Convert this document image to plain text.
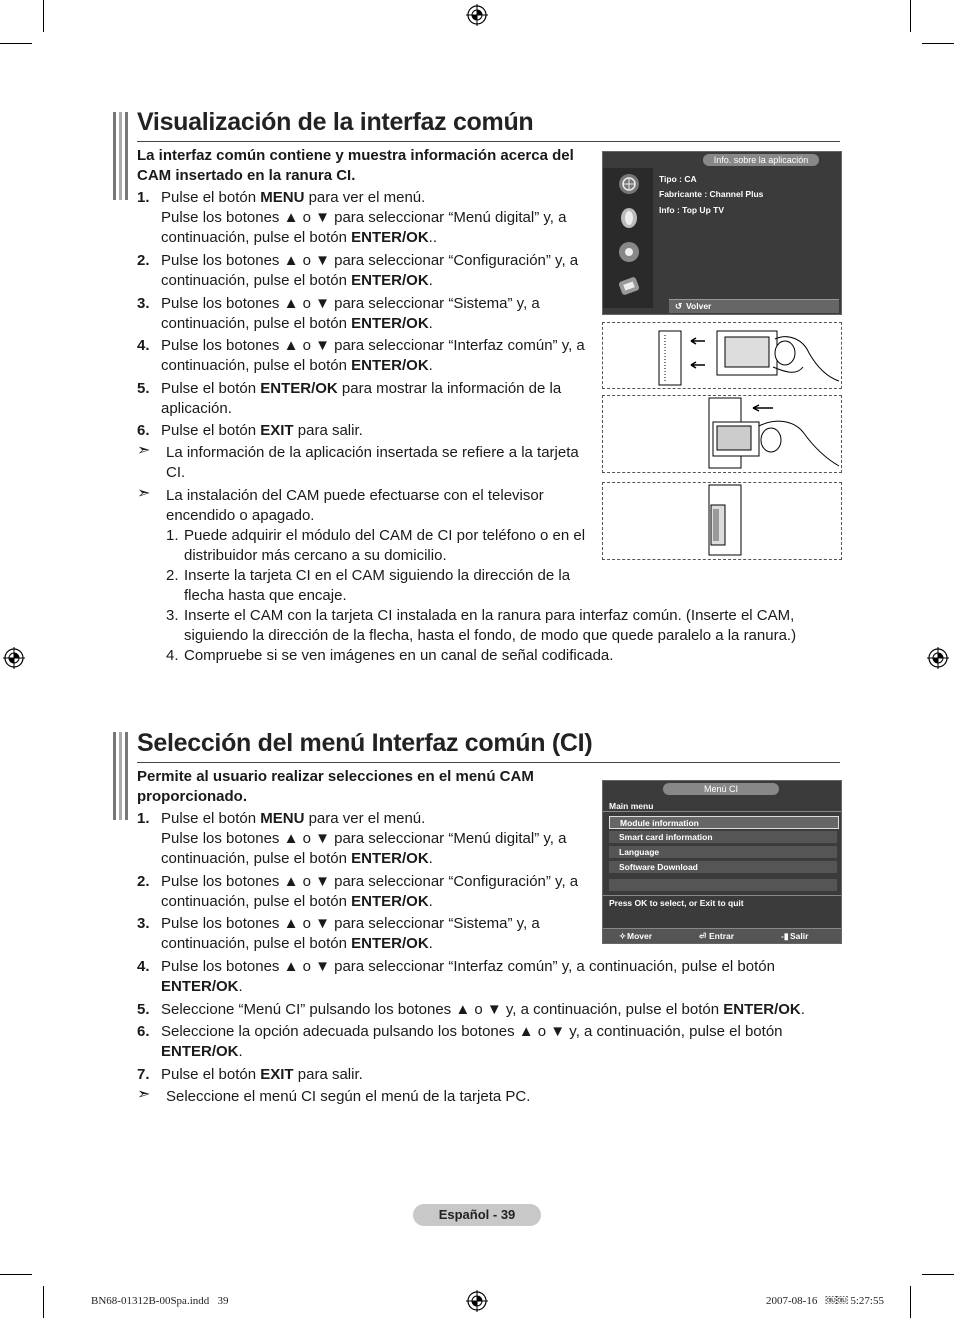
Visualización de la interfaz común
La interfaz común contiene y muestra información acerca del CAM insertado en la ranura CI.
1. Pulse el botón MENU para ver el menú.
Pulse los botones ▲ o ▼ para seleccionar “Menú digital” y, a
continuación, pulse el botón ENTER/OK..
2. Pulse los botones ▲ o ▼ para seleccionar “Configuración” y, a
continuación, pulse el botón ENTER/OK.
3. Pulse los botones ▲ o ▼ para seleccionar “Sistema” y, a
continuación, pulse el botón ENTER/OK.
4. Pulse los botones ▲ o ▼ para seleccionar “Interfaz común” y, a
continuación, pulse el botón ENTER/OK.
5. Pulse el botón ENTER/OK para mostrar la información de la
aplicación.
6. Pulse el botón EXIT para salir.
➣ La información de la aplicación insertada se refiere a la tarjeta
CI.
➣ La instalación del CAM puede efectuarse con el televisor
encendido o apagado.
1. Puede adquirir el módulo del CAM de CI por teléfono o en el
distribuidor más cercano a su domicilio.
2. Inserte la tarjeta CI en el CAM siguiendo la dirección de la
flecha hasta que encaje.
3. Inserte el CAM con la tarjeta CI instalada en la ranura para interfaz común. (Inserte el CAM,
siguiendo la dirección de la flecha, hasta el fondo, de modo que quede paralelo a la ranura.)
4. Compruebe si se ven imágenes en un canal de señal codificada.
Info. sobre la aplicación
Tipo : CA
Fabricante : Channel Plus
Info : Top Up TV
↺ Volver
Selección del menú Interfaz común (CI)
Permite al usuario realizar selecciones en el menú CAM
proporcionado.
1. Pulse el botón MENU para ver el menú.
Pulse los botones ▲ o ▼ para seleccionar “Menú digital” y, a
continuación, pulse el botón ENTER/OK.
2. Pulse los botones ▲ o ▼ para seleccionar “Configuración” y, a
continuación, pulse el botón ENTER/OK.
3. Pulse los botones ▲ o ▼ para seleccionar “Sistema” y, a
continuación, pulse el botón ENTER/OK.
4. Pulse los botones ▲ o ▼ para seleccionar “Interfaz común” y, a continuación, pulse el botón
ENTER/OK.
5. Seleccione “Menú CI” pulsando los botones ▲ o ▼ y, a continuación, pulse el botón ENTER/OK.
6. Seleccione la opción adecuada pulsando los botones ▲ o ▼ y, a continuación, pulse el botón
ENTER/OK.
7. Pulse el botón EXIT para salir.
➣ Seleccione el menú CI según el menú de la tarjeta PC.
Menú CI
Main menu
Module information
Smart card information
Language
Software Download
Press OK to select, or Exit to quit
✧ Mover	⏎ Entrar	-▮ Salir
Español - 39
BN68-01312B-00Spa.indd   39	2007-08-16   ￼￼ 5:27:55
